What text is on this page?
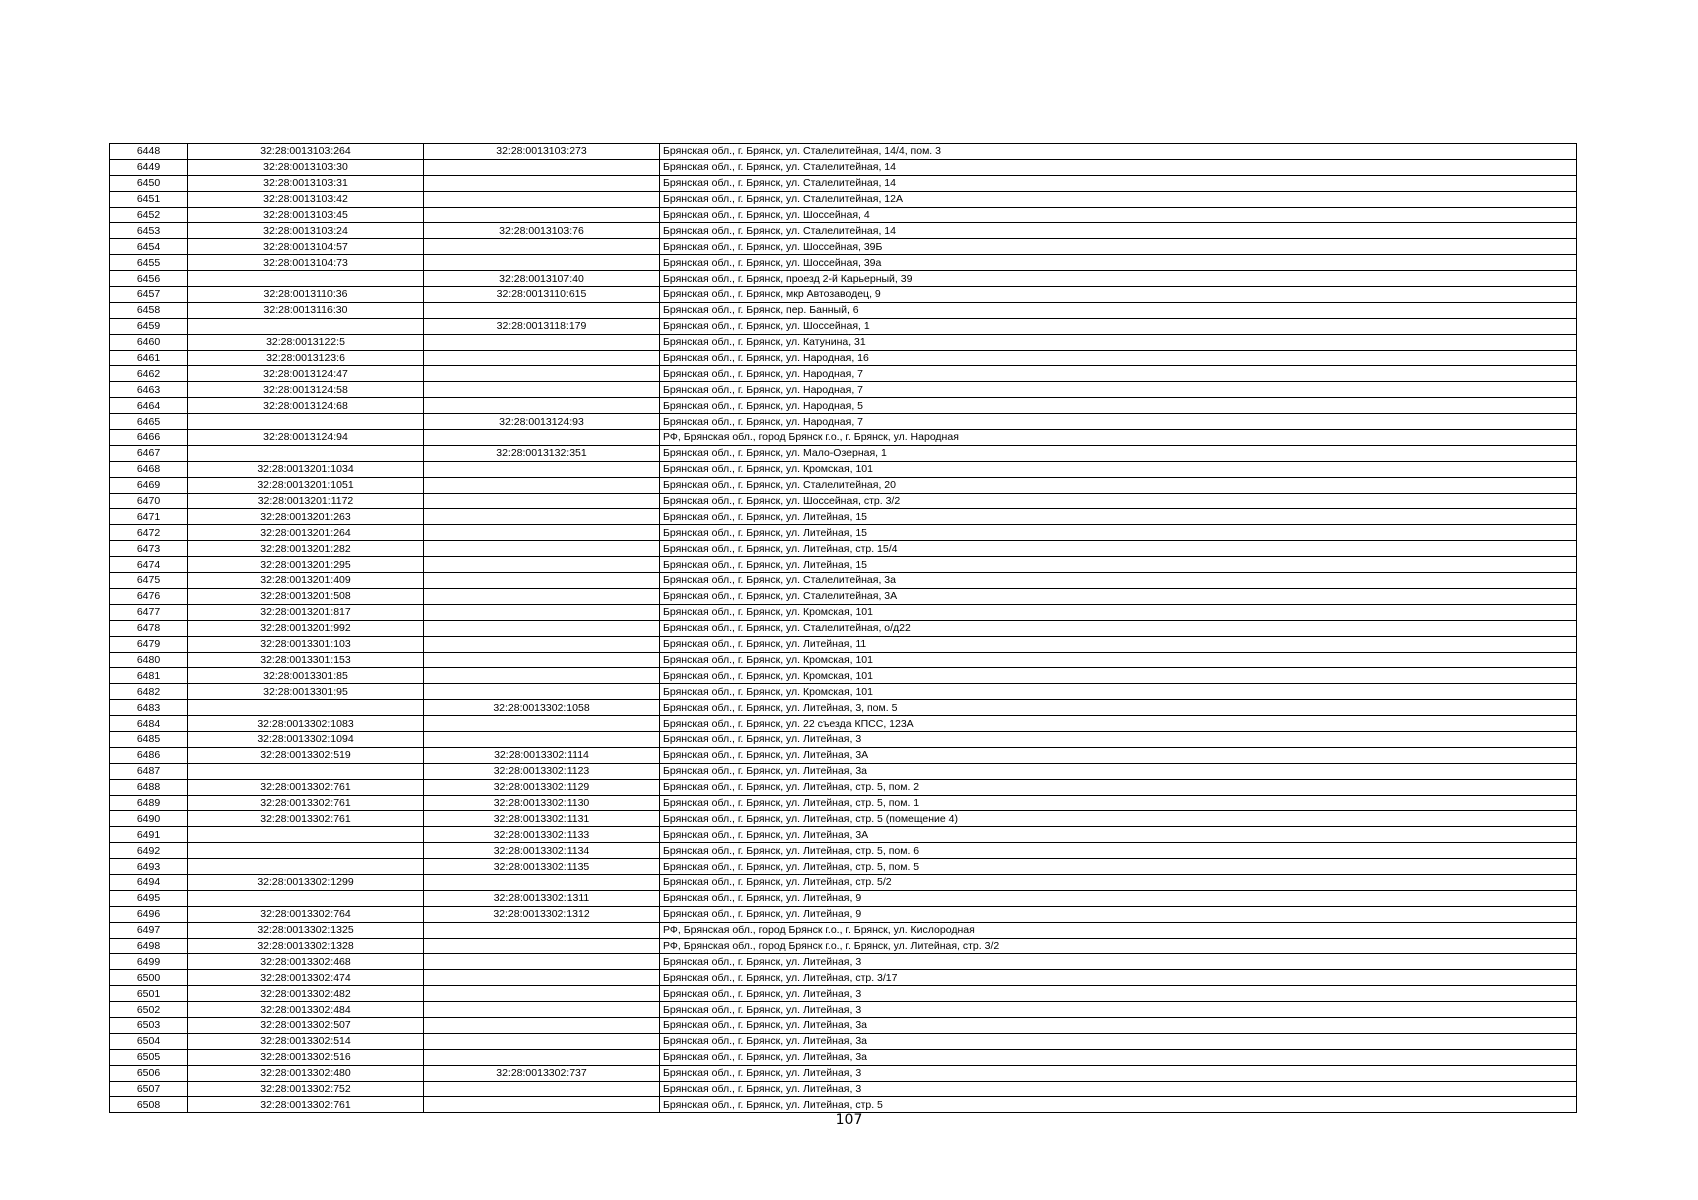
6448	32:28:0013103:264	32:28:0013103:273	Брянская обл., г. Брянск, ул. Сталелитейная, 14/4, пом. 3
6449	32:28:0013103:30		Брянская обл., г. Брянск, ул. Сталелитейная, 14
6450	32:28:0013103:31		Брянская обл., г. Брянск, ул. Сталелитейная, 14
6451	32:28:0013103:42		Брянская обл., г. Брянск, ул. Сталелитейная, 12А
6452	32:28:0013103:45		Брянская обл., г. Брянск, ул. Шоссейная, 4
6453	32:28:0013103:24	32:28:0013103:76	Брянская обл., г. Брянск, ул. Сталелитейная, 14
6454	32:28:0013104:57		Брянская обл., г. Брянск, ул. Шоссейная, 39Б
6455	32:28:0013104:73		Брянская обл., г. Брянск, ул. Шоссейная, 39а
6456		32:28:0013107:40	Брянская обл., г. Брянск, проезд 2-й Карьерный, 39
6457	32:28:0013110:36	32:28:0013110:615	Брянская обл., г. Брянск, мкр Автозаводец, 9
6458	32:28:0013116:30		Брянская обл., г. Брянск, пер. Банный, 6
6459		32:28:0013118:179	Брянская обл., г. Брянск, ул. Шоссейная, 1
6460	32:28:0013122:5		Брянская обл., г. Брянск, ул. Катунина, 31
6461	32:28:0013123:6		Брянская обл., г. Брянск, ул. Народная, 16
6462	32:28:0013124:47		Брянская обл., г. Брянск, ул. Народная, 7
6463	32:28:0013124:58		Брянская обл., г. Брянск, ул. Народная, 7
6464	32:28:0013124:68		Брянская обл., г. Брянск, ул. Народная, 5
6465		32:28:0013124:93	Брянская обл., г. Брянск, ул. Народная, 7
6466	32:28:0013124:94		РФ, Брянская обл., город Брянск г.о., г. Брянск, ул. Народная
6467		32:28:0013132:351	Брянская обл., г. Брянск, ул. Мало-Озерная, 1
6468	32:28:0013201:1034		Брянская обл., г. Брянск, ул. Кромская, 101
6469	32:28:0013201:1051		Брянская обл., г. Брянск, ул. Сталелитейная, 20
6470	32:28:0013201:1172		Брянская обл., г. Брянск, ул. Шоссейная, стр. 3/2
6471	32:28:0013201:263		Брянская обл., г. Брянск, ул. Литейная, 15
6472	32:28:0013201:264		Брянская обл., г. Брянск, ул. Литейная, 15
6473	32:28:0013201:282		Брянская обл., г. Брянск, ул. Литейная, стр. 15/4
6474	32:28:0013201:295		Брянская обл., г. Брянск, ул. Литейная, 15
6475	32:28:0013201:409		Брянская обл., г. Брянск, ул. Сталелитейная, 3а
6476	32:28:0013201:508		Брянская обл., г. Брянск, ул. Сталелитейная, 3А
6477	32:28:0013201:817		Брянская обл., г. Брянск, ул. Кромская, 101
6478	32:28:0013201:992		Брянская обл., г. Брянск, ул. Сталелитейная, о/д22
6479	32:28:0013301:103		Брянская обл., г. Брянск, ул. Литейная, 11
6480	32:28:0013301:153		Брянская обл., г. Брянск, ул. Кромская, 101
6481	32:28:0013301:85		Брянская обл., г. Брянск, ул. Кромская, 101
6482	32:28:0013301:95		Брянская обл., г. Брянск, ул. Кромская, 101
6483		32:28:0013302:1058	Брянская обл., г. Брянск, ул. Литейная, 3, пом. 5
6484	32:28:0013302:1083		Брянская обл., г. Брянск, ул. 22 съезда КПСС, 123А
6485	32:28:0013302:1094		Брянская обл., г. Брянск, ул. Литейная, 3
6486	32:28:0013302:519	32:28:0013302:1114	Брянская обл., г. Брянск, ул. Литейная, 3А
6487		32:28:0013302:1123	Брянская обл., г. Брянск, ул. Литейная, 3а
6488	32:28:0013302:761	32:28:0013302:1129	Брянская обл., г. Брянск, ул. Литейная, стр. 5, пом. 2
6489	32:28:0013302:761	32:28:0013302:1130	Брянская обл., г. Брянск, ул. Литейная, стр. 5, пом. 1
6490	32:28:0013302:761	32:28:0013302:1131	Брянская обл., г. Брянск, ул. Литейная, стр. 5 (помещение 4)
6491		32:28:0013302:1133	Брянская обл., г. Брянск, ул. Литейная, 3А
6492		32:28:0013302:1134	Брянская обл., г. Брянск, ул. Литейная, стр. 5, пом. 6
6493		32:28:0013302:1135	Брянская обл., г. Брянск, ул. Литейная, стр. 5, пом. 5
6494	32:28:0013302:1299		Брянская обл., г. Брянск, ул. Литейная, стр. 5/2
6495		32:28:0013302:1311	Брянская обл., г. Брянск, ул. Литейная, 9
6496	32:28:0013302:764	32:28:0013302:1312	Брянская обл., г. Брянск, ул. Литейная, 9
6497	32:28:0013302:1325		РФ, Брянская обл., город Брянск г.о., г. Брянск, ул. Кислородная
6498	32:28:0013302:1328		РФ, Брянская обл., город Брянск г.о., г. Брянск, ул. Литейная, стр. 3/2
6499	32:28:0013302:468		Брянская обл., г. Брянск, ул. Литейная, 3
6500	32:28:0013302:474		Брянская обл., г. Брянск, ул. Литейная, стр. 3/17
6501	32:28:0013302:482		Брянская обл., г. Брянск, ул. Литейная, 3
6502	32:28:0013302:484		Брянская обл., г. Брянск, ул. Литейная, 3
6503	32:28:0013302:507		Брянская обл., г. Брянск, ул. Литейная, 3а
6504	32:28:0013302:514		Брянская обл., г. Брянск, ул. Литейная, 3а
6505	32:28:0013302:516		Брянская обл., г. Брянск, ул. Литейная, 3а
6506	32:28:0013302:480	32:28:0013302:737	Брянская обл., г. Брянск, ул. Литейная, 3
6507	32:28:0013302:752		Брянская обл., г. Брянск, ул. Литейная, 3
6508	32:28:0013302:761		Брянская обл., г. Брянск, ул. Литейная, стр. 5
107
